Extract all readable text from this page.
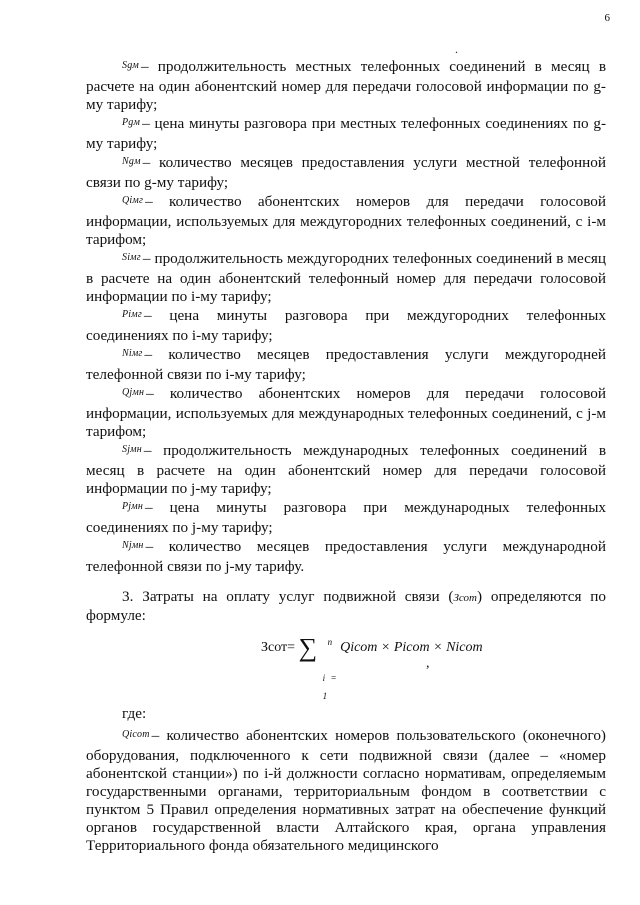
6
.

Sgм – продолжительность местных телефонных соединений в месяц в расчете на один абонентский номер для передачи голосовой информации по g-му тарифу;

Pgм – цена минуты разговора при местных телефонных соединениях по g-му тарифу;

Ngм – количество месяцев предоставления услуги местной телефонной связи по g-му тарифу;

Qiмг – количество абонентских номеров для передачи голосовой информации, используемых для междугородних телефонных соединений, с i-м тарифом;

Siмг – продолжительность междугородних телефонных соединений в месяц в расчете на один абонентский телефонный номер для передачи голосовой информации по i-му тарифу;

Piмг – цена минуты разговора при междугородних телефонных соединениях по i-му тарифу;

Niмг – количество месяцев предоставления услуги междугородней телефонной связи по i-му тарифу;

Qjмн – количество абонентских номеров для передачи голосовой информации, используемых для международных телефонных соединений, с j-м тарифом;

Sjмн – продолжительность международных телефонных соединений в месяц в расчете на один абонентский номер для передачи голосовой информации по j-му тарифу;

Pjмн – цена минуты разговора при международных телефонных соединениях по j-му тарифу;

Njмн – количество месяцев предоставления услуги международной телефонной связи по j-му тарифу.

3. Затраты на оплату услуг подвижной связи (Зсот) определяются по формуле:

Зсот= ∑ n
i = 1
Qicom × Picom × Nicom
,

где:

Qicom – количество абонентских номеров пользовательского (оконечного) оборудования, подключенного к сети подвижной связи (далее – «номер абонентской станции») по i-й должности согласно нормативам, определяемым государственными органами, территориальным фондом в соответствии с пунктом 5 Правил определения нормативных затрат на обеспечение функций органов государственной власти Алтайского края, органа управления Территориального фонда обязательного медицинского
